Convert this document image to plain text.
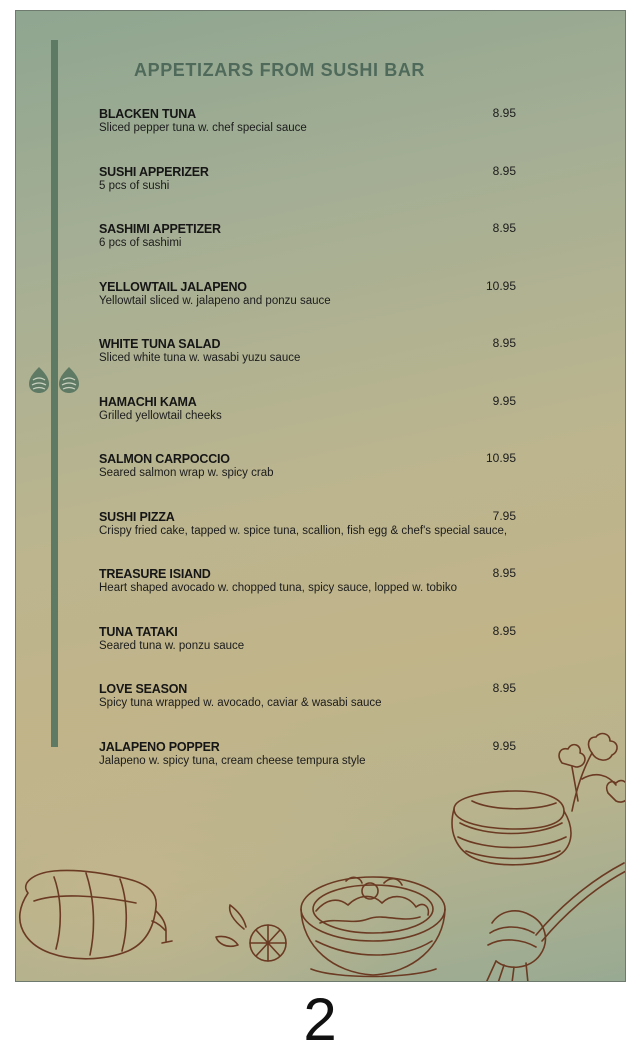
APPETIZARS FROM SUSHI BAR
BLACKEN TUNA	8.95
Sliced pepper tuna w. chef special sauce
SUSHI APPERIZER	8.95
5 pcs of sushi
SASHIMI APPETIZER	8.95
6 pcs of sashimi
YELLOWTAIL JALAPENO	10.95
Yellowtail sliced w. jalapeno and ponzu sauce
WHITE TUNA SALAD	8.95
Sliced white tuna w. wasabi yuzu sauce
HAMACHI KAMA	9.95
Grilled yellowtail cheeks
SALMON CARPOCCIO	10.95
Seared salmon wrap w. spicy crab
SUSHI PIZZA	7.95
Crispy fried cake, tapped w. spice tuna, scallion, fish egg & chef's special sauce,
TREASURE ISIAND	8.95
Heart shaped avocado w. chopped tuna, spicy sauce, lopped w. tobiko
TUNA TATAKI	8.95
Seared tuna w. ponzu sauce
LOVE SEASON	8.95
Spicy tuna wrapped w. avocado, caviar & wasabi sauce
JALAPENO POPPER	9.95
Jalapeno w. spicy tuna, cream cheese tempura style
2
